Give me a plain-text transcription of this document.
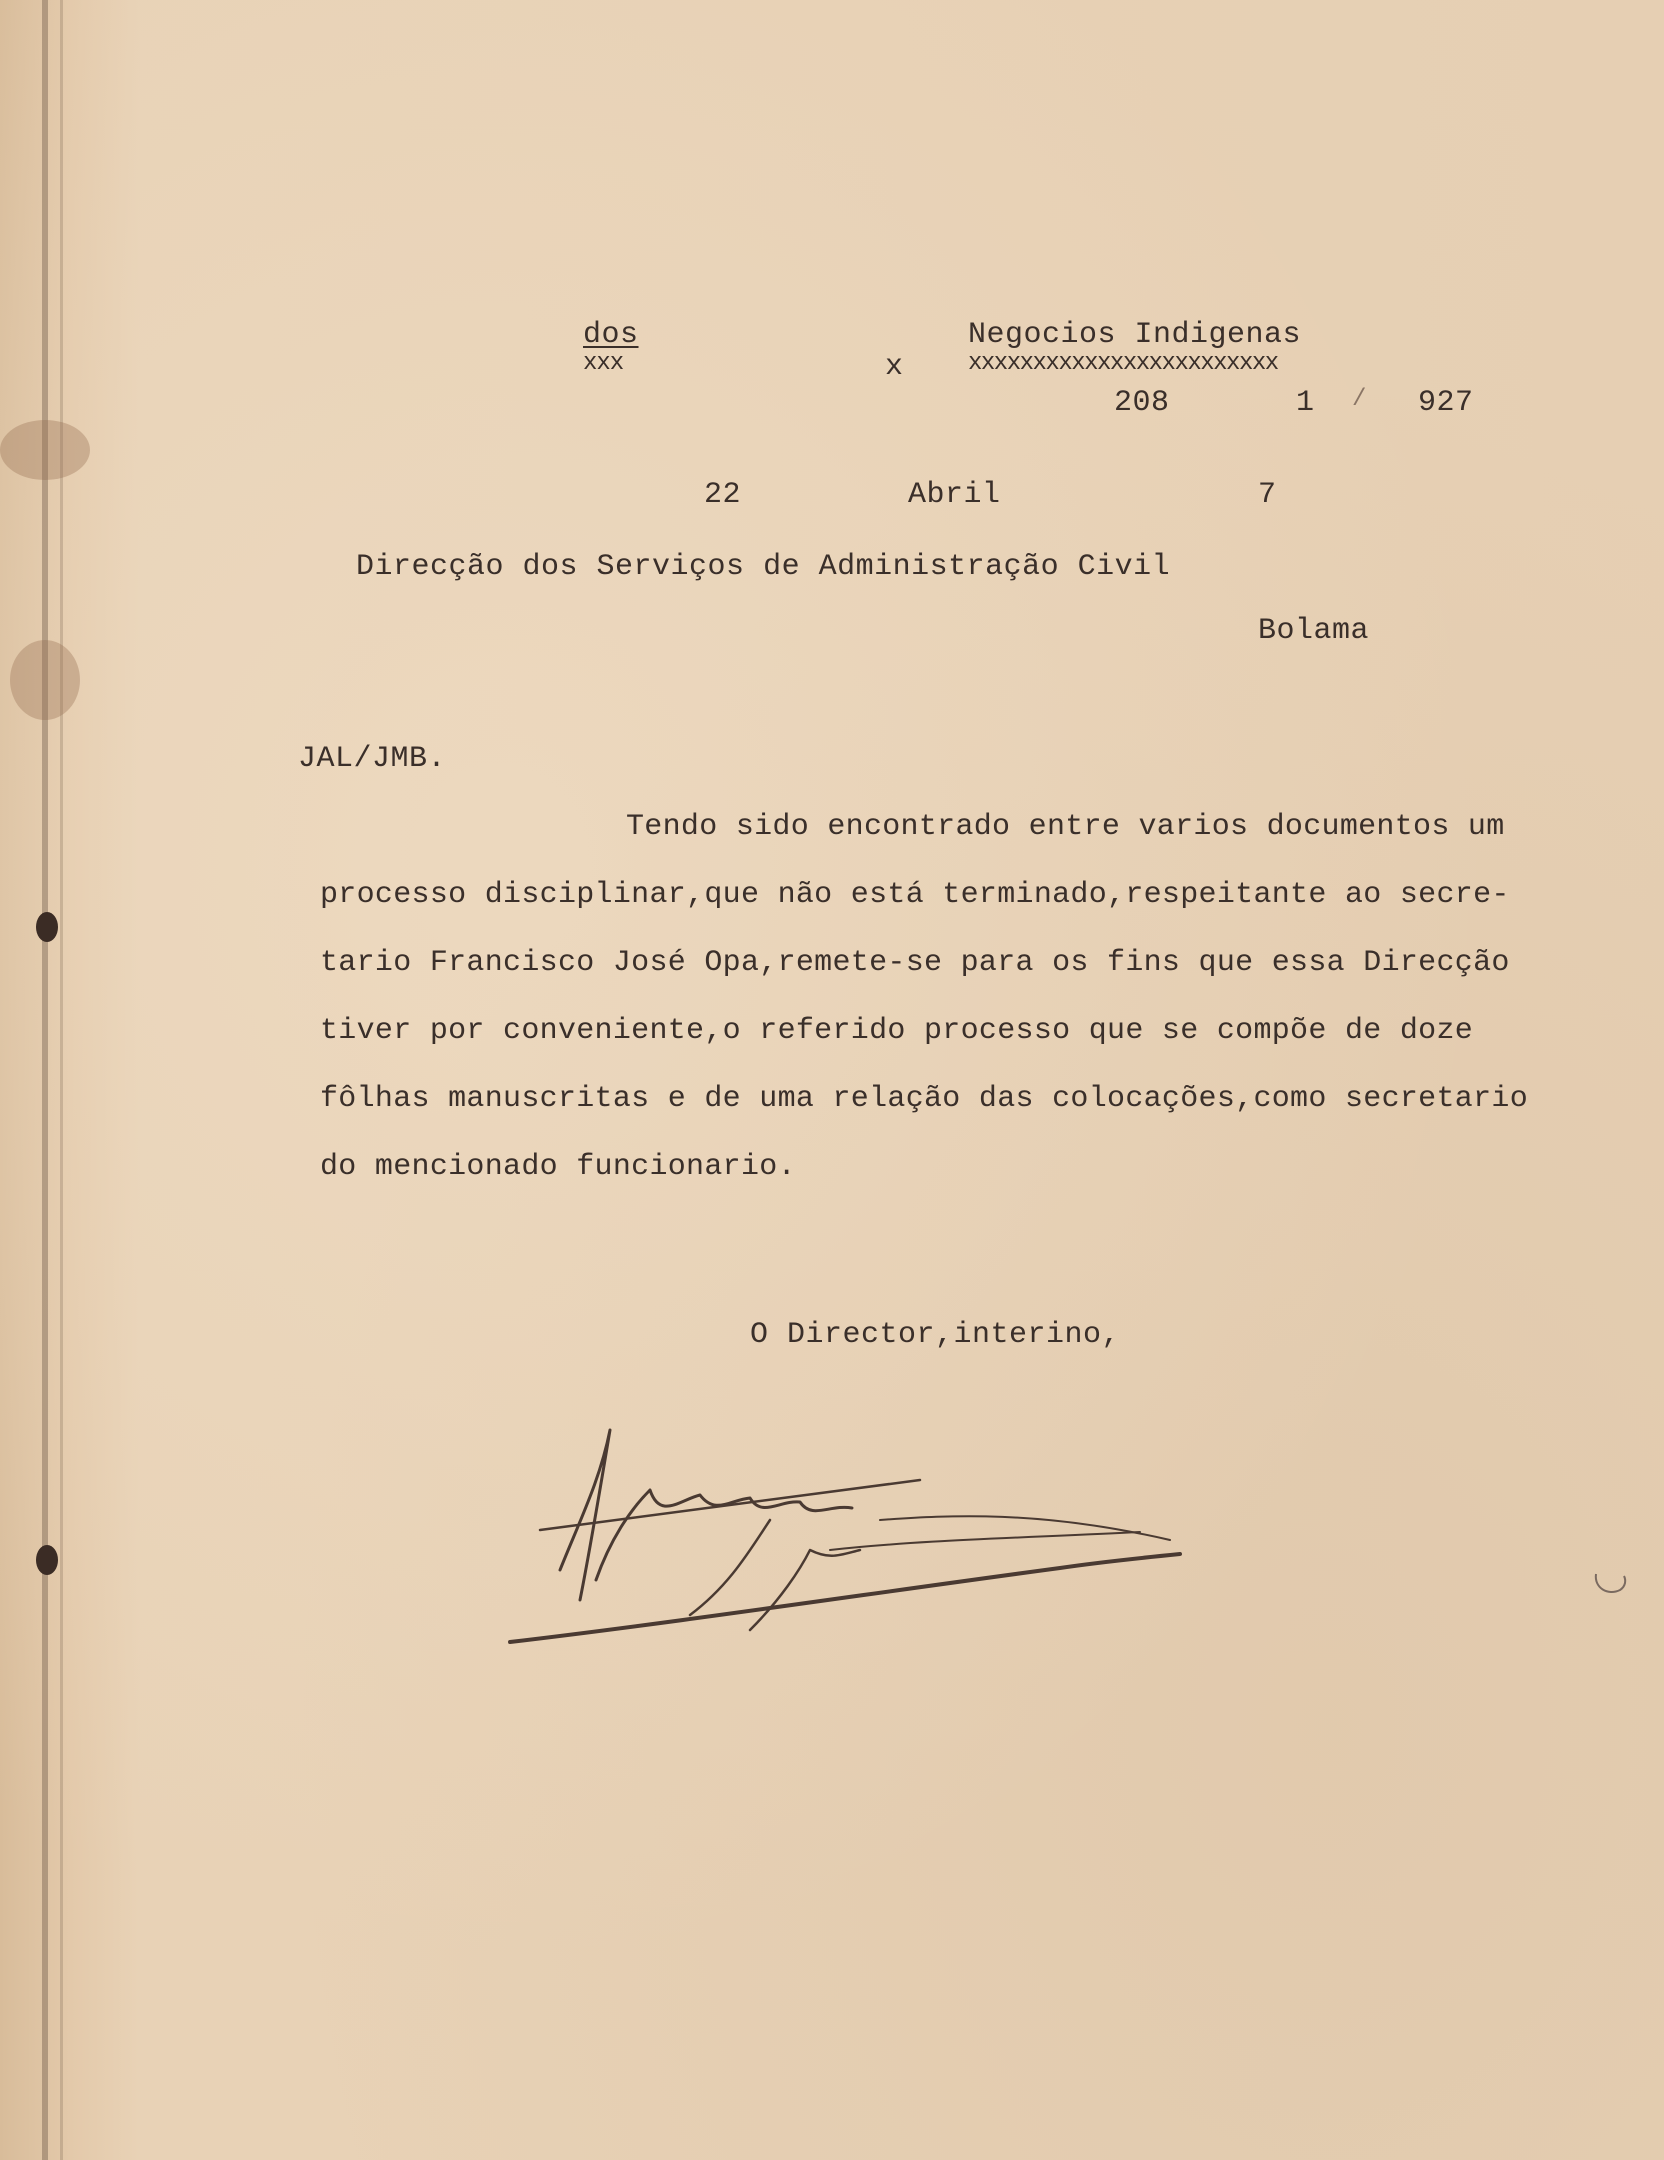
dos
xxx	x
Negocios Indigenas
xxxxxxxxxxxxxxxxxxxxxxxx
208	1 / 927
22	Abril	7
Direcção dos Serviços de Administração Civil
Bolama
JAL/JMB.
Tendo sido encontrado entre varios documentos um
processo disciplinar,que não está terminado,respeitante ao secre-
tario Francisco José Opa,remete-se para os fins que essa Direcção
tiver por conveniente,o referido processo que se compõe de doze
fôlhas manuscritas e de uma relação das colocações,como secretario
do mencionado funcionario.
O Director,interino,
